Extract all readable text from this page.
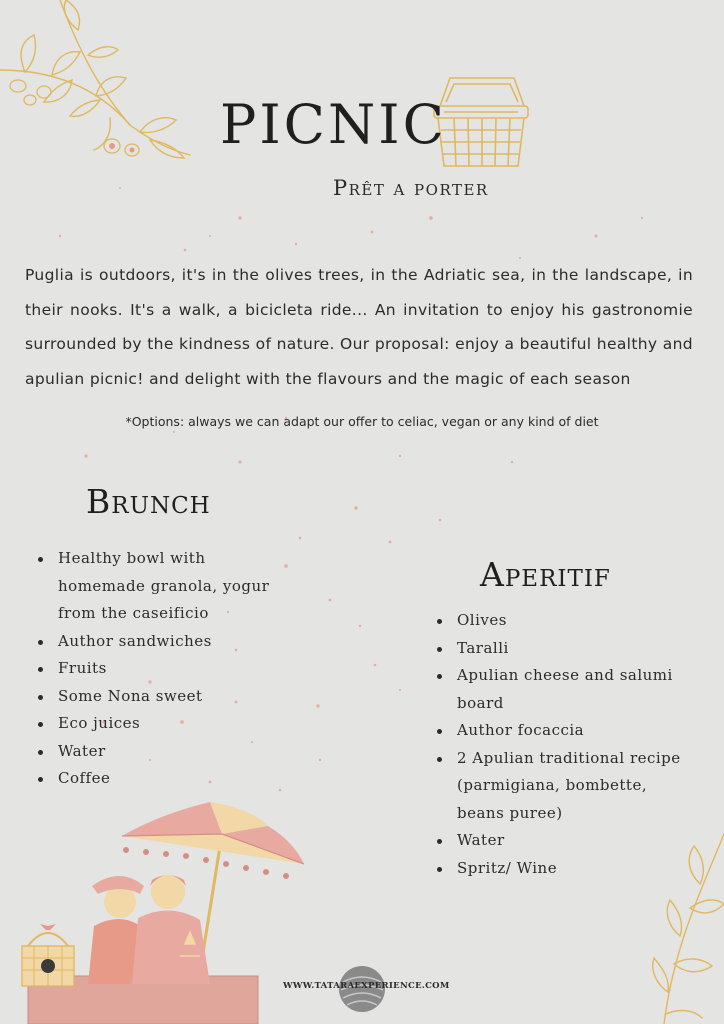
PICNIC
Prêt a porter

Puglia is outdoors, it's in the olives trees, in the Adriatic sea, in the landscape, in their nooks. It's a walk, a bicicleta ride... An invitation to enjoy his gastronomie surrounded by the kindness of nature. Our proposal: enjoy a beautiful healthy and apulian picnic! and delight with the flavours and the magic of each season

*Options: always we can adapt our offer to celiac, vegan or any kind of diet
Brunch
Healthy bowl with homemade granola, yogur from the caseificio
Author sandwiches
Fruits
Some Nona sweet
Eco juices
Water
Coffee
Aperitif
Olives
Taralli
Apulian cheese and salumi board
Author focaccia
2 Apulian traditional recipe (parmigiana, bombette, beans puree)
Water
Spritz/ Wine
WWW.TATARAEXPERIENCE.COM
